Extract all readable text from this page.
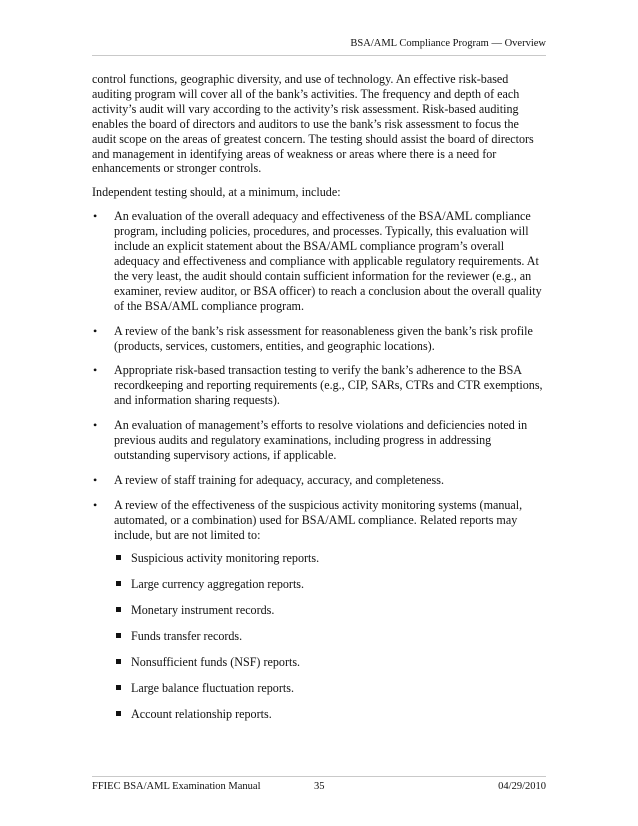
BSA/AML Compliance Program — Overview

control functions, geographic diversity, and use of technology. An effective risk-based auditing program will cover all of the bank’s activities. The frequency and depth of each activity’s audit will vary according to the activity’s risk assessment. Risk-based auditing enables the board of directors and auditors to use the bank’s risk assessment to focus the audit scope on the areas of greatest concern. The testing should assist the board of directors and management in identifying areas of weakness or areas where there is a need for enhancements or stronger controls.

Independent testing should, at a minimum, include:

• An evaluation of the overall adequacy and effectiveness of the BSA/AML compliance program, including policies, procedures, and processes. Typically, this evaluation will include an explicit statement about the BSA/AML compliance program’s overall adequacy and effectiveness and compliance with applicable regulatory requirements. At the very least, the audit should contain sufficient information for the reviewer (e.g., an examiner, review auditor, or BSA officer) to reach a conclusion about the overall quality of the BSA/AML compliance program.
• A review of the bank’s risk assessment for reasonableness given the bank’s risk profile (products, services, customers, entities, and geographic locations).
• Appropriate risk-based transaction testing to verify the bank’s adherence to the BSA recordkeeping and reporting requirements (e.g., CIP, SARs, CTRs and CTR exemptions, and information sharing requests).
• An evaluation of management’s efforts to resolve violations and deficiencies noted in previous audits and regulatory examinations, including progress in addressing outstanding supervisory actions, if applicable.
• A review of staff training for adequacy, accuracy, and completeness.
• A review of the effectiveness of the suspicious activity monitoring systems (manual, automated, or a combination) used for BSA/AML compliance. Related reports may include, but are not limited to:
Suspicious activity monitoring reports.
Large currency aggregation reports.
Monetary instrument records.
Funds transfer records.
Nonsufficient funds (NSF) reports.
Large balance fluctuation reports.
Account relationship reports.
FFIEC BSA/AML Examination Manual	35	04/29/2010
